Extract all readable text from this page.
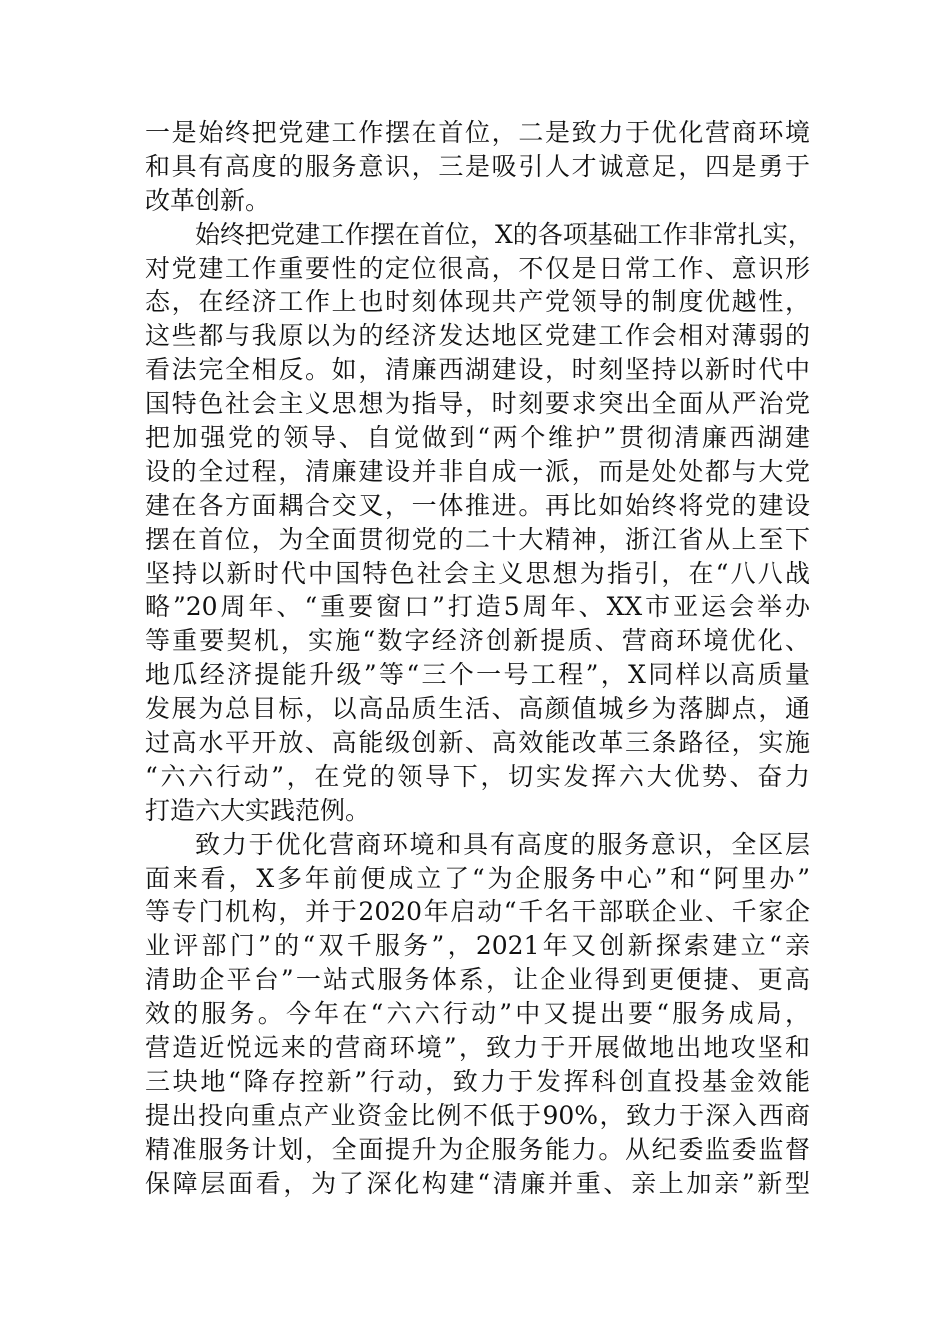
一是始终把党建工作摆在首位，二是致力于优化营商环境
和具有高度的服务意识，三是吸引人才诚意足，四是勇于
改革创新。
始终把党建工作摆在首位，X的各项基础工作非常扎实，
对党建工作重要性的定位很高，不仅是日常工作、意识形
态，在经济工作上也时刻体现共产党领导的制度优越性，
这些都与我原以为的经济发达地区党建工作会相对薄弱的
看法完全相反。如，清廉西湖建设，时刻坚持以新时代中
国特色社会主义思想为指导，时刻要求突出全面从严治党
把加强党的领导、自觉做到“两个维护”贯彻清廉西湖建
设的全过程，清廉建设并非自成一派，而是处处都与大党
建在各方面耦合交叉，一体推进。再比如始终将党的建设
摆在首位，为全面贯彻党的二十大精神，浙江省从上至下
坚持以新时代中国特色社会主义思想为指引，在“八八战
略”20周年、“重要窗口”打造5周年、XX市亚运会举办
等重要契机，实施“数字经济创新提质、营商环境优化、
地瓜经济提能升级”等“三个一号工程”，X同样以高质量
发展为总目标，以高品质生活、高颜值城乡为落脚点，通
过高水平开放、高能级创新、高效能改革三条路径，实施
“六六行动”，在党的领导下，切实发挥六大优势、奋力
打造六大实践范例。
致力于优化营商环境和具有高度的服务意识，全区层
面来看，X多年前便成立了“为企服务中心”和“阿里办”
等专门机构，并于2020年启动“千名干部联企业、千家企
业评部门”的“双千服务”，2021年又创新探索建立“亲
清助企平台”一站式服务体系，让企业得到更便捷、更高
效的服务。今年在“六六行动”中又提出要“服务成局，
营造近悦远来的营商环境”，致力于开展做地出地攻坚和
三块地“降存控新”行动，致力于发挥科创直投基金效能
提出投向重点产业资金比例不低于90%，致力于深入西商
精准服务计划，全面提升为企服务能力。从纪委监委监督
保障层面看，为了深化构建“清廉并重、亲上加亲”新型
